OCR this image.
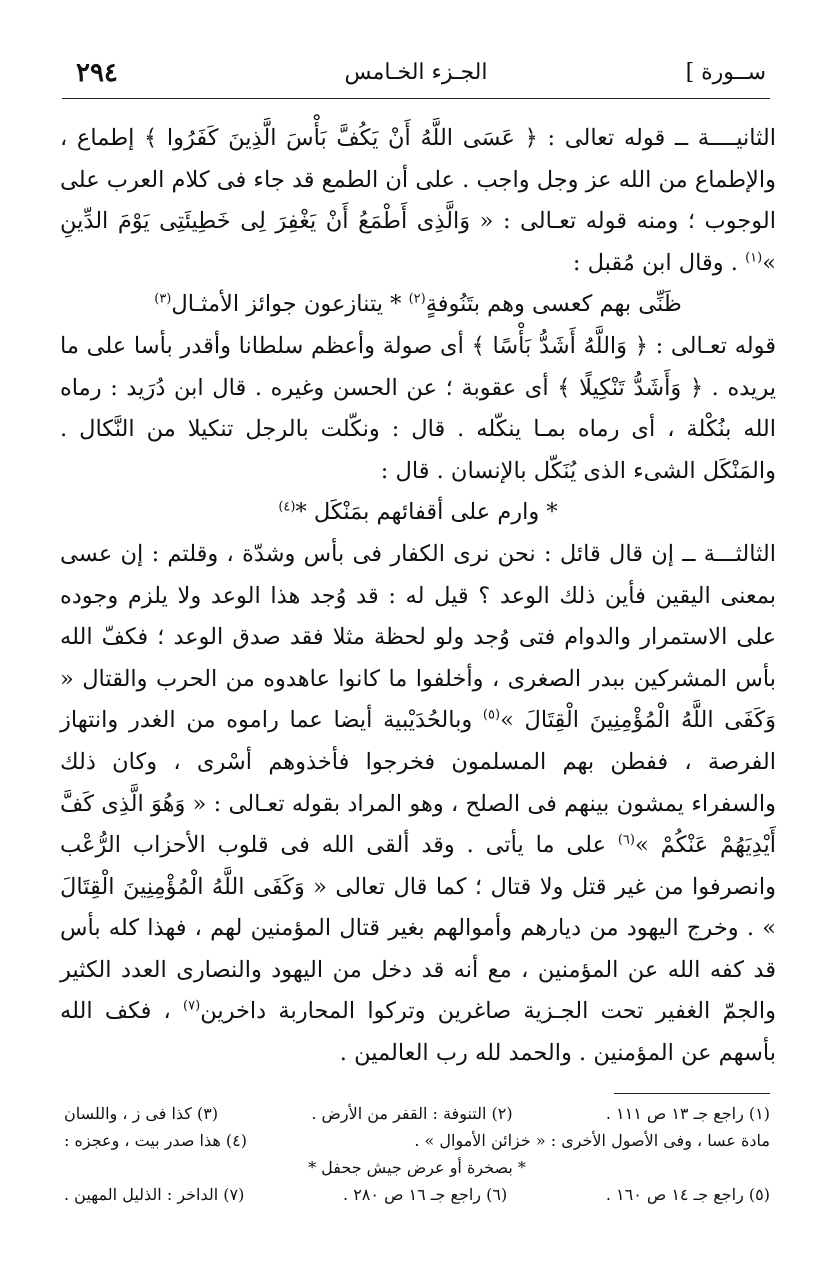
٢٩٤	الجـزء الخـامس	[ ســورة

الثانيــــة ــ قوله تعالى : ﴿ عَسَى اللَّهُ أَنْ يَكُفَّ بَأْسَ الَّذِينَ كَفَرُوا ﴾ إطماع ، والإطماع من الله عز وجل واجب . على أن الطمع قد جاء فى كلام العرب على الوجوب ؛ ومنه قوله تعـالى : « وَالَّذِى أَطْمَعُ أَنْ يَغْفِرَ لِى خَطِيئَتِى يَوْمَ الدِّينِ »$^{(١)}$ . وقال ابن مُقبل :

ظَنِّى بهم كعسى وهم بتَنُوفةٍ$^{(٢)}$ * يتنازعون جوائز الأمثـال$^{(٣)}$

قوله تعـالى : ﴿ وَاللَّهُ أَشَدُّ بَأْسًا ﴾ أى صولة وأعظم سلطانا وأقدر بأسا على ما يريده . ﴿ وَأَشَدُّ تَنْكِيلًا ﴾ أى عقوبة ؛ عن الحسن وغيره . قال ابن دُرَيد : رماه الله بنُكْلة ، أى رماه بمـا ينكّله . قال : ونكّلت بالرجل تنكيلا من النَّكال . والمَنْكَل الشىء الذى يُنَكّل بالإنسان . قال :

* وارم على أقفائهم بمَنْكَل *$^{(٤)}$

الثالثـــة ــ إن قال قائل : نحن نرى الكفار فى بأس وشدّة ، وقلتم : إن عسى بمعنى اليقين فأين ذلك الوعد ؟ قيل له : قد وُجد هذا الوعد ولا يلزم وجوده على الاستمرار والدوام فتى وُجد ولو لحظة مثلا فقد صدق الوعد ؛ فكفّ الله بأس المشركين ببدر الصغرى ، وأخلفوا ما كانوا عاهدوه من الحرب والقتال « وَكَفَى اللَّهُ الْمُؤْمِنِينَ الْقِتَالَ »$^{(٥)}$ وبالحُدَيْبية أيضا عما راموه من الغدر وانتهاز الفرصة ، ففطن بهم المسلمون فخرجوا فأخذوهم أسْرى ، وكان ذلك والسفراء يمشون بينهم فى الصلح ، وهو المراد بقوله تعـالى : « وَهُوَ الَّذِى كَفَّ أَيْدِيَهُمْ عَنْكُمْ »$^{(٦)}$ على ما يأتى . وقد ألقى الله فى قلوب الأحزاب الرُّعْب وانصرفوا من غير قتل ولا قتال ؛ كما قال تعالى « وَكَفَى اللَّهُ الْمُؤْمِنِينَ الْقِتَالَ » . وخرج اليهود من ديارهم وأموالهم بغير قتال المؤمنين لهم ، فهذا كله بأس قد كفه الله عن المؤمنين ، مع أنه قد دخل من اليهود والنصارى العدد الكثير والجمّ الغفير تحت الجـزية صاغرين وتركوا المحاربة داخرين$^{(٧)}$ ، فكف الله بأسهم عن المؤمنين . والحمد لله رب العالمين .

(١) راجع جـ ١٣ ص ١١١ .
(٢) التنوفة : القفر من الأرض .
(٣) كذا فى ز ، واللسان
مادة عسا ، وفى الأصول الأخرى : « خزائن الأموال » .
(٤) هذا صدر بيت ، وعجزه :

* بصخرة أو عرض جيش جحفل *

(٥) راجع جـ ١٤ ص ١٦٠ .
(٦) راجع جـ ١٦ ص ٢٨٠ .
(٧) الداخر : الذليل المهين .
